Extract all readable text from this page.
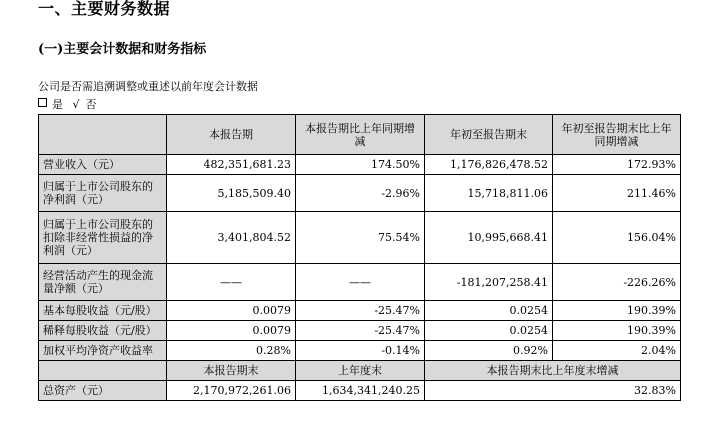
一、主要财务数据
(一)主要会计数据和财务指标
公司是否需追溯调整或重述以前年度会计数据
是 √ 否
	本报告期	本报告期比上年同期增减	年初至报告期末	年初至报告期末比上年同期增减
营业收入（元）	482,351,681.23	174.50%	1,176,826,478.52	172.93%
归属于上市公司股东的净利润（元）	5,185,509.40	-2.96%	15,718,811.06	211.46%
归属于上市公司股东的扣除非经常性损益的净利润（元）	3,401,804.52	75.54%	10,995,668.41	156.04%
经营活动产生的现金流量净额（元）	——	——	-181,207,258.41	-226.26%
基本每股收益（元/股）	0.0079	-25.47%	0.0254	190.39%
稀释每股收益（元/股）	0.0079	-25.47%	0.0254	190.39%
加权平均净资产收益率	0.28%	-0.14%	0.92%	2.04%
	本报告期末	上年度末	本报告期末比上年度末增减	
总资产（元）	2,170,972,261.06	1,634,341,240.25	32.83%	
